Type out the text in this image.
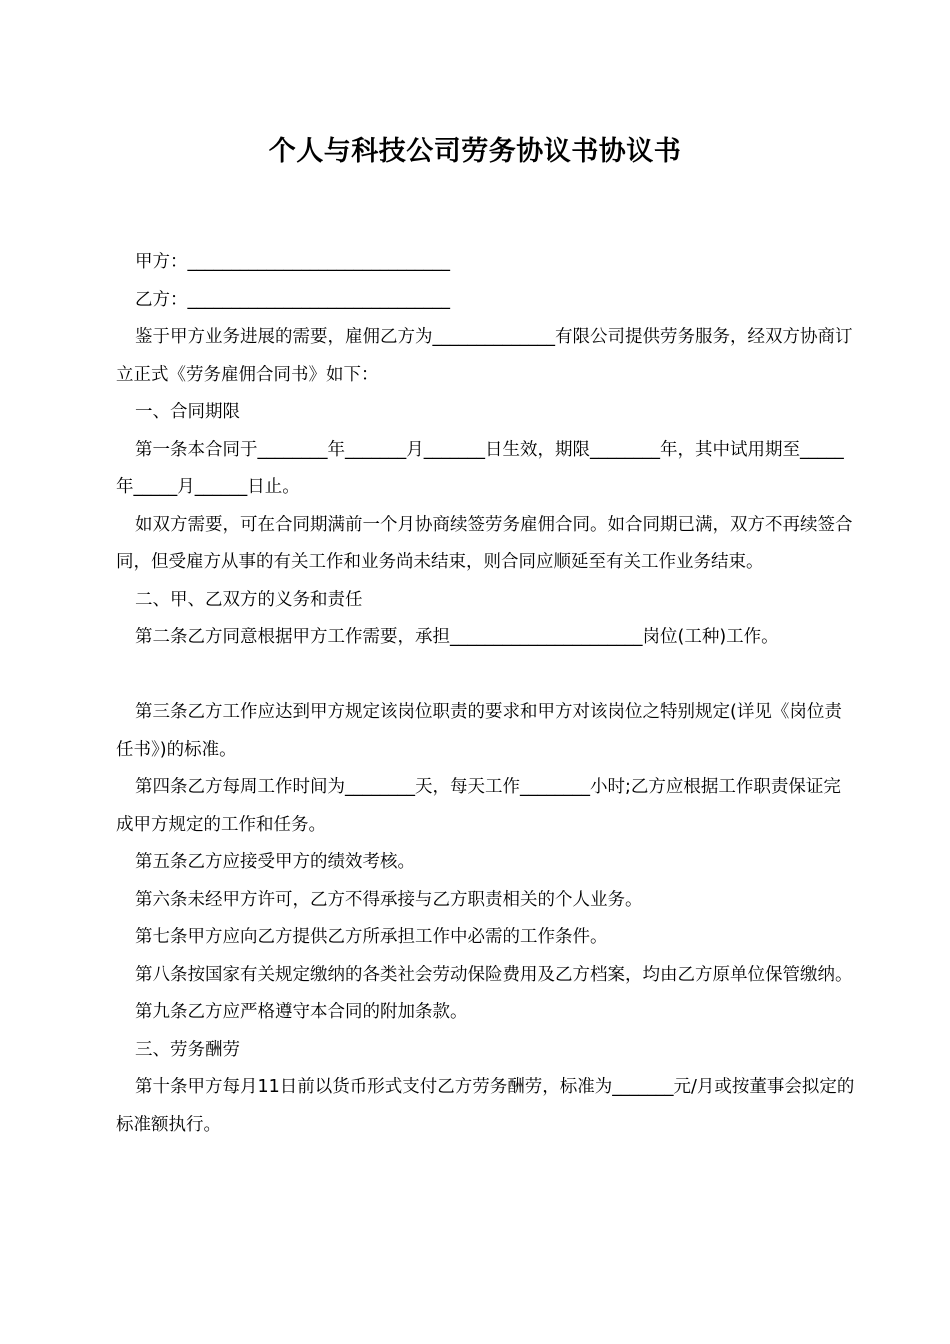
个人与科技公司劳务协议书协议书

甲方：______________________________

乙方：______________________________

鉴于甲方业务进展的需要，雇佣乙方为______________有限公司提供劳务服务，经双方协商订立正式《劳务雇佣合同书》如下：

一、合同期限

第一条本合同于________年_______月_______日生效，期限________年，其中试用期至_____年_____月______日止。

如双方需要，可在合同期满前一个月协商续签劳务雇佣合同。如合同期已满，双方不再续签合同，但受雇方从事的有关工作和业务尚未结束，则合同应顺延至有关工作业务结束。

二、甲、乙双方的义务和责任

第二条乙方同意根据甲方工作需要，承担______________________岗位(工种)工作。

第三条乙方工作应达到甲方规定该岗位职责的要求和甲方对该岗位之特别规定(详见《岗位责任书》)的标准。

第四条乙方每周工作时间为________天，每天工作________小时;乙方应根据工作职责保证完成甲方规定的工作和任务。

第五条乙方应接受甲方的绩效考核。

第六条未经甲方许可，乙方不得承接与乙方职责相关的个人业务。

第七条甲方应向乙方提供乙方所承担工作中必需的工作条件。

第八条按国家有关规定缴纳的各类社会劳动保险费用及乙方档案，均由乙方原单位保管缴纳。

第九条乙方应严格遵守本合同的附加条款。

三、劳务酬劳

第十条甲方每月11日前以货币形式支付乙方劳务酬劳，标准为_______元/月或按董事会拟定的标准额执行。
